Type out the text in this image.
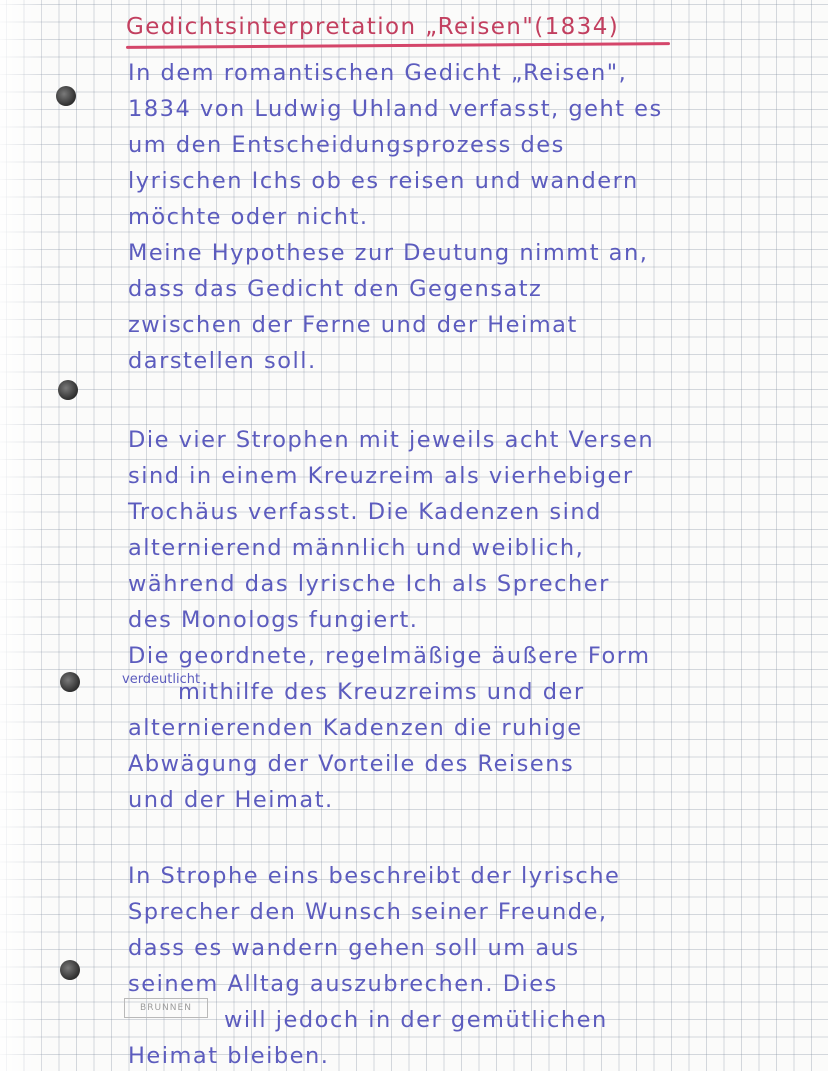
Gedichtsinterpretation „Reisen"(1834)
In dem romantischen Gedicht „Reisen",
1834 von Ludwig Uhland verfasst, geht es
um den Entscheidungsprozess des
lyrischen Ichs ob es reisen und wandern
möchte oder nicht.
Meine Hypothese zur Deutung nimmt an,
dass das Gedicht den Gegensatz
zwischen der Ferne und der Heimat
darstellen soll.
Die vier Strophen mit jeweils acht Versen
sind in einem Kreuzreim als vierhebiger
Trochäus verfasst. Die Kadenzen sind
alternierend männlich und weiblich,
während das lyrische Ich als Sprecher
des Monologs fungiert.
Die geordnete, regelmäßige äußere Form
mithilfe des Kreuzreims und der
alternierenden Kadenzen die ruhige
Abwägung der Vorteile des Reisens
und der Heimat.
verdeutlicht
In Strophe eins beschreibt der lyrische
Sprecher den Wunsch seiner Freunde,
dass es wandern gehen soll um aus
seinem Alltag auszubrechen. Dies
will jedoch in der gemütlichen
Heimat bleiben.
BRUNNEN
